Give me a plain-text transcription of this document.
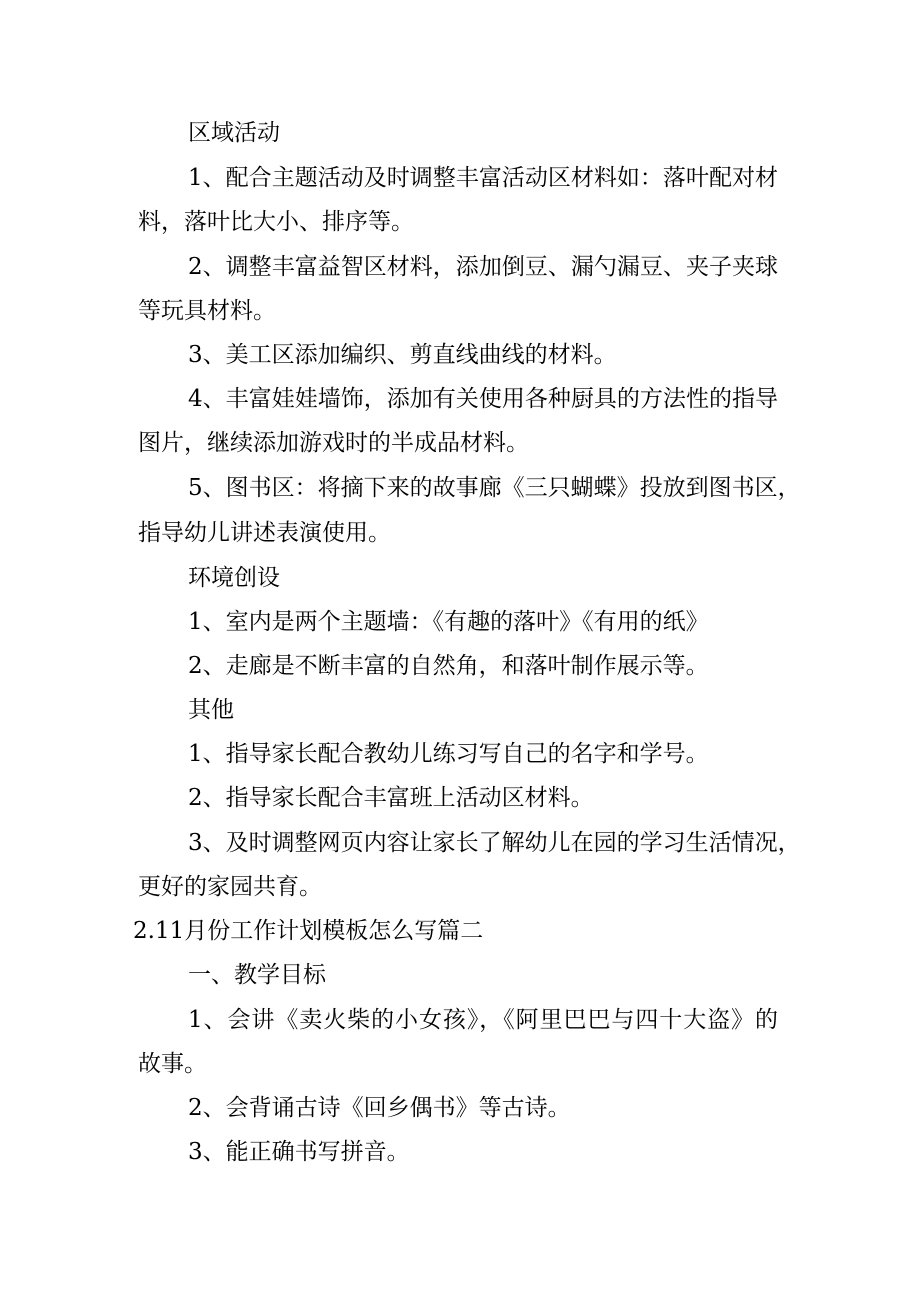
区域活动
1、配合主题活动及时调整丰富活动区材料如：落叶配对材
料，落叶比大小、排序等。
2、调整丰富益智区材料，添加倒豆、漏勺漏豆、夹子夹球
等玩具材料。
3、美工区添加编织、剪直线曲线的材料。
4、丰富娃娃墙饰，添加有关使用各种厨具的方法性的指导
图片，继续添加游戏时的半成品材料。
5、图书区：将摘下来的故事廊《三只蝴蝶》投放到图书区，
指导幼儿讲述表演使用。
环境创设
1、室内是两个主题墙：《有趣的落叶》《有用的纸》
2、走廊是不断丰富的自然角，和落叶制作展示等。
其他
1、指导家长配合教幼儿练习写自己的名字和学号。
2、指导家长配合丰富班上活动区材料。
3、及时调整网页内容让家长了解幼儿在园的学习生活情况，
更好的家园共育。
2.11月份工作计划模板怎么写篇二
一、教学目标
1、会讲《卖火柴的小女孩》，《阿里巴巴与四十大盗》的
故事。
2、会背诵古诗《回乡偶书》等古诗。
3、能正确书写拼音。
